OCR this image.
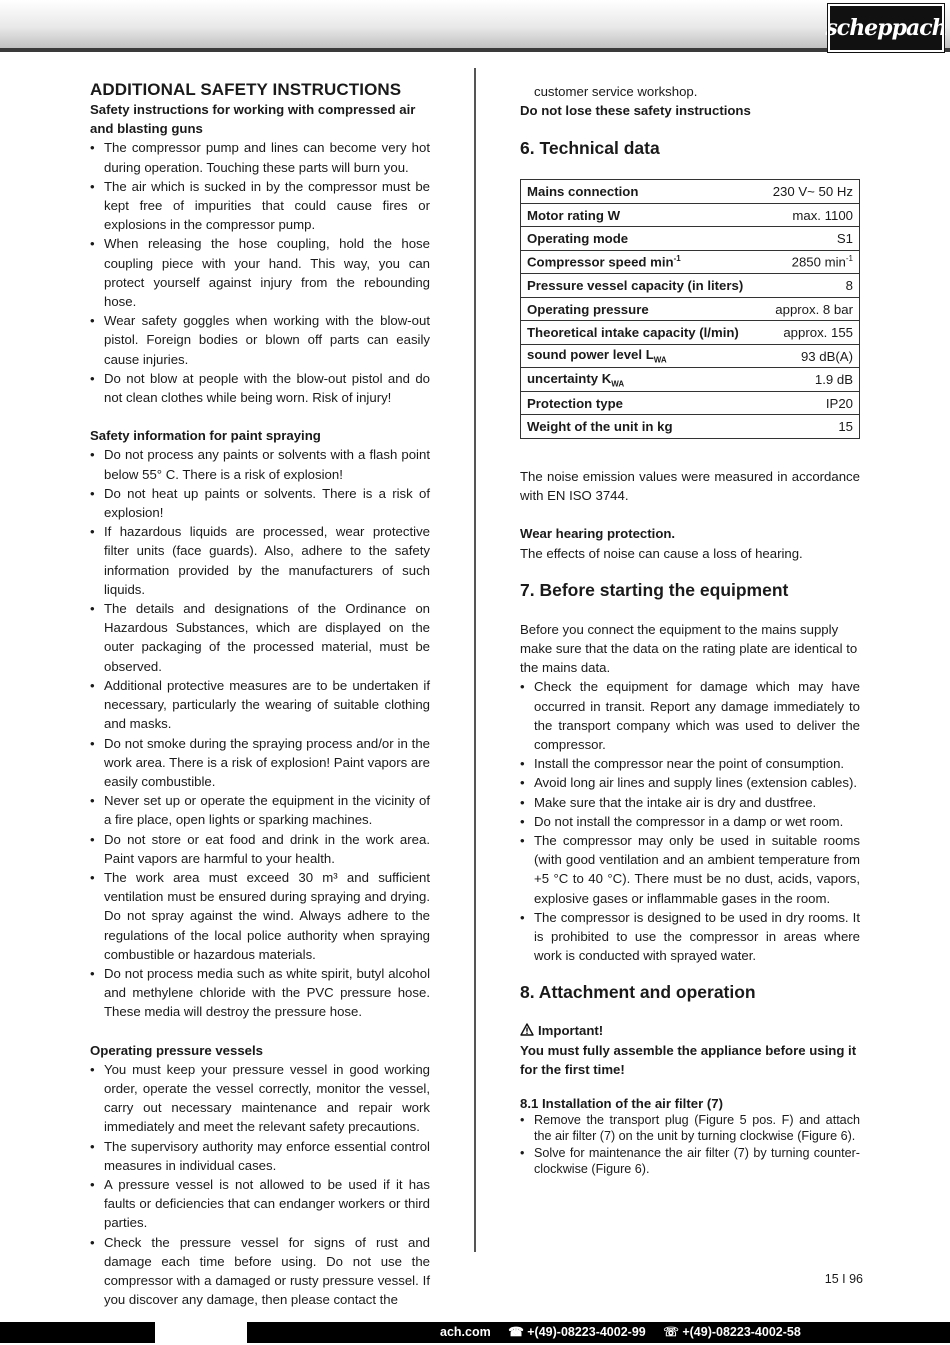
scheppach
ADDITIONAL SAFETY INSTRUCTIONS
Safety instructions for working with compressed air and blasting guns
• The compressor pump and lines can become very hot during operation. Touching these parts will burn you.
• The air which is sucked in by the compressor must be kept free of impurities that could cause fires or explosions in the compressor pump.
• When releasing the hose coupling, hold the hose coupling piece with your hand. This way, you can protect yourself against injury from the rebounding hose.
• Wear safety goggles when working with the blow-out pistol. Foreign bodies or blown off parts can easily cause injuries.
• Do not blow at people with the blow-out pistol and do not clean clothes while being worn. Risk of injury!
Safety information for paint spraying
• Do not process any paints or solvents with a flash point below 55° C. There is a risk of explosion!
• Do not heat up paints or solvents. There is a risk of explosion!
• If hazardous liquids are processed, wear protective filter units (face guards). Also, adhere to the safety information provided by the manufacturers of such liquids.
• The details and designations of the Ordinance on Hazardous Substances, which are displayed on the outer packaging of the processed material, must be observed.
• Additional protective measures are to be undertaken if necessary, particularly the wearing of suitable clothing and masks.
• Do not smoke during the spraying process and/or in the work area. There is a risk of explosion! Paint vapors are easily combustible.
• Never set up or operate the equipment in the vicinity of a fire place, open lights or sparking machines.
• Do not store or eat food and drink in the work area. Paint vapors are harmful to your health.
• The work area must exceed 30 m³ and sufficient ventilation must be ensured during spraying and drying. Do not spray against the wind. Always adhere to the regulations of the local police authority when spraying combustible or hazardous materials.
• Do not process media such as white spirit, butyl alcohol and methylene chloride with the PVC pressure hose. These media will destroy the pressure hose.
Operating pressure vessels
• You must keep your pressure vessel in good working order, operate the vessel correctly, monitor the vessel, carry out necessary maintenance and repair work immediately and meet the relevant safety precautions.
• The supervisory authority may enforce essential control measures in individual cases.
• A pressure vessel is not allowed to be used if it has faults or deficiencies that can endanger workers or third parties.
• Check the pressure vessel for signs of rust and damage each time before using. Do not use the compressor with a damaged or rusty pressure vessel. If you discover any damage, then please contact the

customer service workshop.

Do not lose these safety instructions
6. Technical data
Mains connection	230 V~ 50 Hz
Motor rating W	max. 1100
Operating mode	S1
Compressor speed $\min^{-1}$	2850 $\min^{-1}$
Pressure vessel capacity (in liters)	8
Operating pressure	approx. 8 bar
Theoretical intake capacity (l/min)	approx. 155
sound power level $L_{WA}$	93 dB(A)
uncertainty $K_{WA}$	1.9 dB
Protection type	IP20
Weight of the unit in kg	15

The noise emission values were measured in accordance with EN ISO 3744.

Wear hearing protection.

The effects of noise can cause a loss of hearing.

7. Before starting the equipment

Before you connect the equipment to the mains supply make sure that the data on the rating plate are identical to the mains data.

• Check the equipment for damage which may have occurred in transit. Report any damage immediately to the transport company which was used to deliver the compressor.
• Install the compressor near the point of consumption.
• Avoid long air lines and supply lines (extension cables).
• Make sure that the intake air is dry and dustfree.
• Do not install the compressor in a damp or wet room.
• The compressor may only be used in suitable rooms (with good ventilation and an ambient temperature from +5 °C to 40 °C). There must be no dust, acids, vapors, explosive gases or inflammable gases in the room.
• The compressor is designed to be used in dry rooms. It is prohibited to use the compressor in areas where work is conducted with sprayed water.
8. Attachment and operation
Important!
You must fully assemble the appliance before using it for the first time!
8.1 Installation of the air filter (7)
• Remove the transport plug (Figure 5 pos. F) and attach the air filter (7) on the unit by turning clockwise (Figure 6).
• Solve for maintenance the air filter (7) by turning counter-clockwise (Figure 6).
15 I 96
ach.com ☎ +(49)-08223-4002-99 ☏ +(49)-08223-4002-58
